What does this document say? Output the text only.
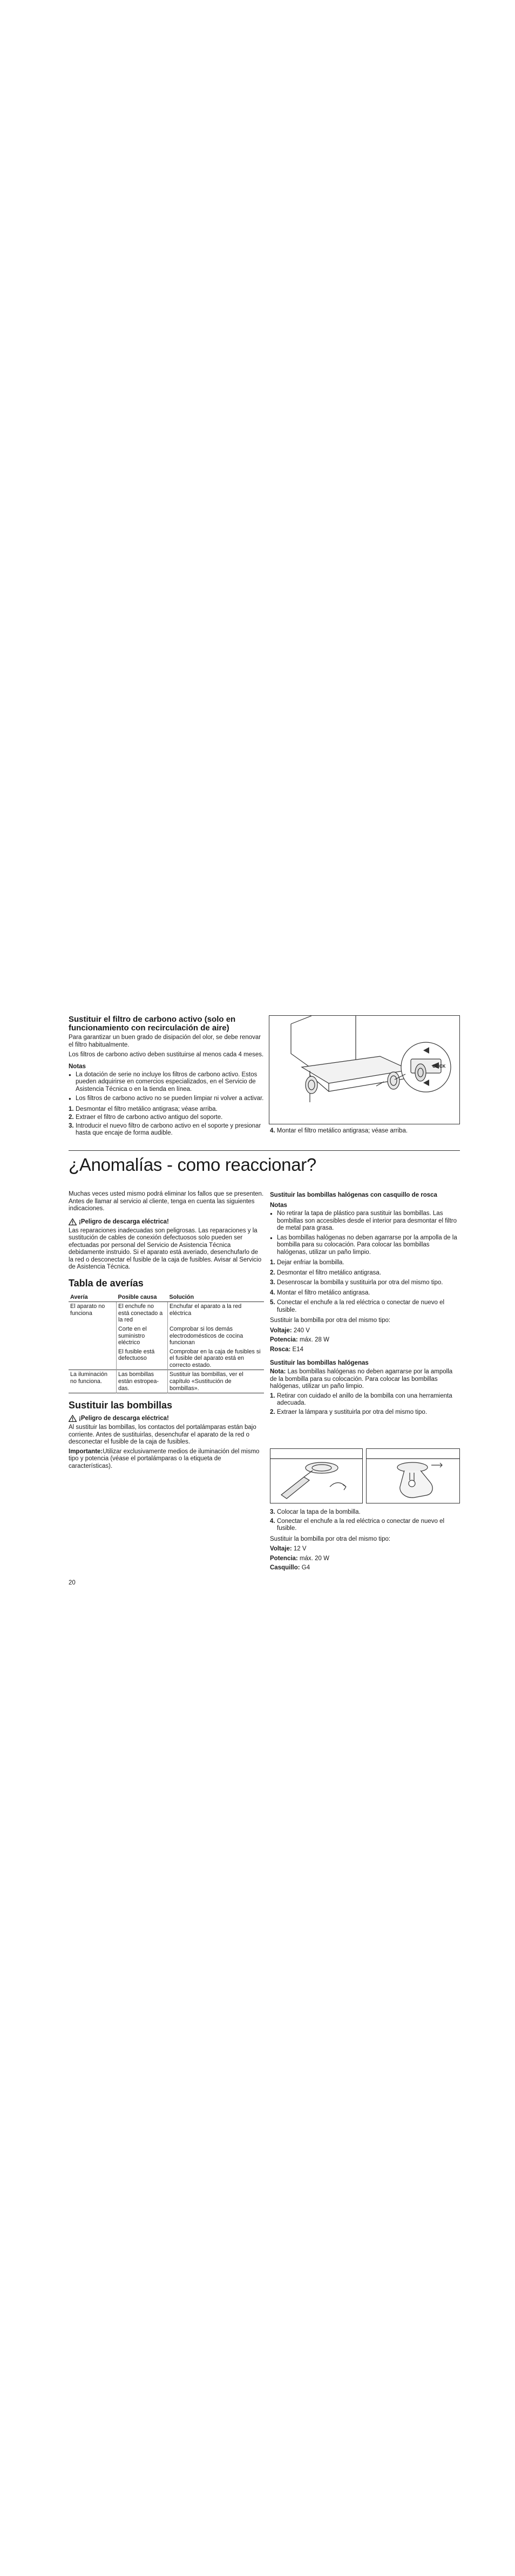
Sustituir el filtro de carbono activo (solo en funcionamiento con recirculación de aire)

Para garantizar un buen grado de disipación del olor, se debe renovar el filtro habitualmente.

Los filtros de carbono activo deben sustituirse al menos cada 4 meses.

Notas
● La dotación de serie no incluye los filtros de carbono activo. Estos pueden adquirirse en comercios especializados, en el Servicio de Asistencia Técnica o en la tienda en línea.
● Los filtros de carbono activo no se pueden limpiar ni volver a activar.
1. Desmontar el filtro metálico antigrasa; véase arriba.
2. Extraer el filtro de carbono activo antiguo del soporte.
3. Introducir el nuevo filtro de carbono activo en el soporte y presionar hasta que encaje de forma audible.
CLICK
4. Montar el filtro metálico antigrasa; véase arriba.
¿Anomalías - como reaccionar?

Muchas veces usted mismo podrá eliminar los fallos que se presenten. Antes de llamar al servicio al cliente, tenga en cuenta las siguientes indicaciones.

¡Peligro de descarga eléctrica!

Las reparaciones inadecuadas son peligrosas. Las reparaciones y la sustitución de cables de conexión defectuosos solo pueden ser efectuadas por personal del Servicio de Asistencia Técnica debidamente instruido. Si el aparato está averiado, desenchufarlo de la red o desconectar el fusible de la caja de fusibles. Avisar al Servicio de Asistencia Técnica.

Tabla de averías
Avería	Posible causa	Solución
El aparato no funciona	El enchufe no está conectado a la red	Enchufar el aparato a la red eléctrica
	Corte en el suministro eléctrico	Comprobar si los demás electrodomésticos de cocina funcionan
	El fusible está defectuoso	Comprobar en la caja de fusibles si el fusible del aparato está en correcto estado.
La iluminación no funciona.	Las bombillas están estropea-das.	Sustituir las bombillas, ver el capítulo «Sustitución de bombillas».
Sustituir las bombillas
¡Peligro de descarga eléctrica!

Al sustituir las bombillas, los contactos del portalámparas están bajo corriente. Antes de sustituirlas, desenchufar el aparato de la red o desconectar el fusible de la caja de fusibles.

Importante:Utilizar exclusivamente medios de iluminación del mismo tipo y potencia (véase el portalámparas o la etiqueta de características).

Sustituir las bombillas halógenas con casquillo de rosca
Notas
● No retirar la tapa de plástico para sustituir las bombillas. Las bombillas son accesibles desde el interior para desmontar el filtro de metal para grasa.
● Las bombillas halógenas no deben agarrarse por la ampolla de la bombilla para su colocación. Para colocar las bombillas halógenas, utilizar un paño limpio.
1. Dejar enfriar la bombilla.
2. Desmontar el filtro metálico antigrasa.
3. Desenroscar la bombilla y sustituirla por otra del mismo tipo.
4. Montar el filtro metálico antigrasa.
5. Conectar el enchufe a la red eléctrica o conectar de nuevo el fusible.

Sustituir la bombilla por otra del mismo tipo:

Voltaje: 240 V

Potencia: máx. 28 W

Rosca: E14

Sustituir las bombillas halógenas

Nota: Las bombillas halógenas no deben agarrarse por la ampolla de la bombilla para su colocación. Para colocar las bombillas halógenas, utilizar un paño limpio.

1. Retirar con cuidado el anillo de la bombilla con una herramienta adecuada.
2. Extraer la lámpara y sustituirla por otra del mismo tipo.
3. Colocar la tapa de la bombilla.
4. Conectar el enchufe a la red eléctrica o conectar de nuevo el fusible.

Sustituir la bombilla por otra del mismo tipo:

Voltaje: 12 V

Potencia: máx. 20 W

Casquillo: G4

20
